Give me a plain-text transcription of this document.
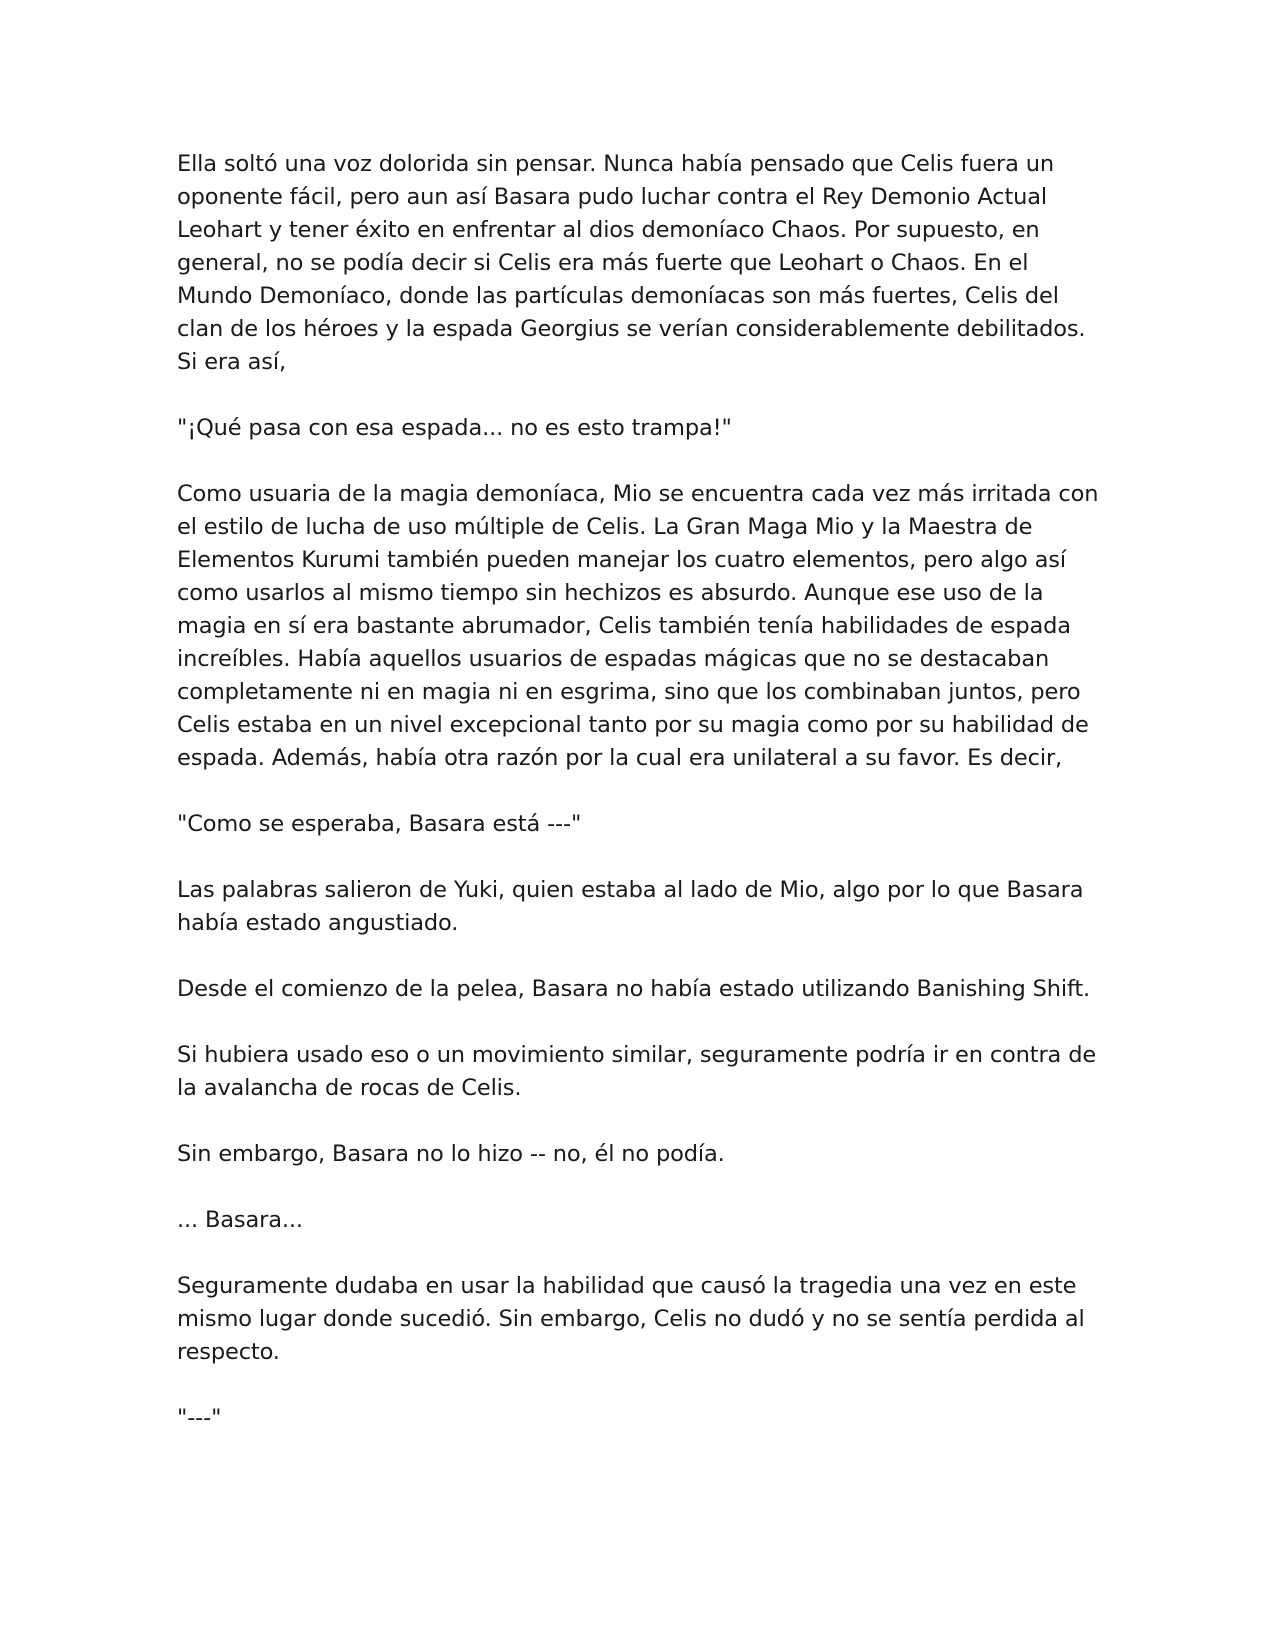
Ella soltó una voz dolorida sin pensar. Nunca había pensado que Celis fuera un oponente fácil, pero aun así Basara pudo luchar contra el Rey Demonio Actual Leohart y tener éxito en enfrentar al dios demoníaco Chaos. Por supuesto, en general, no se podía decir si Celis era más fuerte que Leohart o Chaos. En el Mundo Demoníaco, donde las partículas demoníacas son más fuertes, Celis del clan de los héroes y la espada Georgius se verían considerablemente debilitados. Si era así,

"¡Qué pasa con esa espada... no es esto trampa!"

Como usuaria de la magia demoníaca, Mio se encuentra cada vez más irritada con el estilo de lucha de uso múltiple de Celis. La Gran Maga Mio y la Maestra de Elementos Kurumi también pueden manejar los cuatro elementos, pero algo así como usarlos al mismo tiempo sin hechizos es absurdo. Aunque ese uso de la magia en sí era bastante abrumador, Celis también tenía habilidades de espada increíbles. Había aquellos usuarios de espadas mágicas que no se destacaban completamente ni en magia ni en esgrima, sino que los combinaban juntos, pero Celis estaba en un nivel excepcional tanto por su magia como por su habilidad de espada. Además, había otra razón por la cual era unilateral a su favor. Es decir,

"Como se esperaba, Basara está ---"

Las palabras salieron de Yuki, quien estaba al lado de Mio, algo por lo que Basara había estado angustiado.

Desde el comienzo de la pelea, Basara no había estado utilizando Banishing Shift.

Si hubiera usado eso o un movimiento similar, seguramente podría ir en contra de la avalancha de rocas de Celis.

Sin embargo, Basara no lo hizo -- no, él no podía.

... Basara...

Seguramente dudaba en usar la habilidad que causó la tragedia una vez en este mismo lugar donde sucedió. Sin embargo, Celis no dudó y no se sentía perdida al respecto.

"---"
